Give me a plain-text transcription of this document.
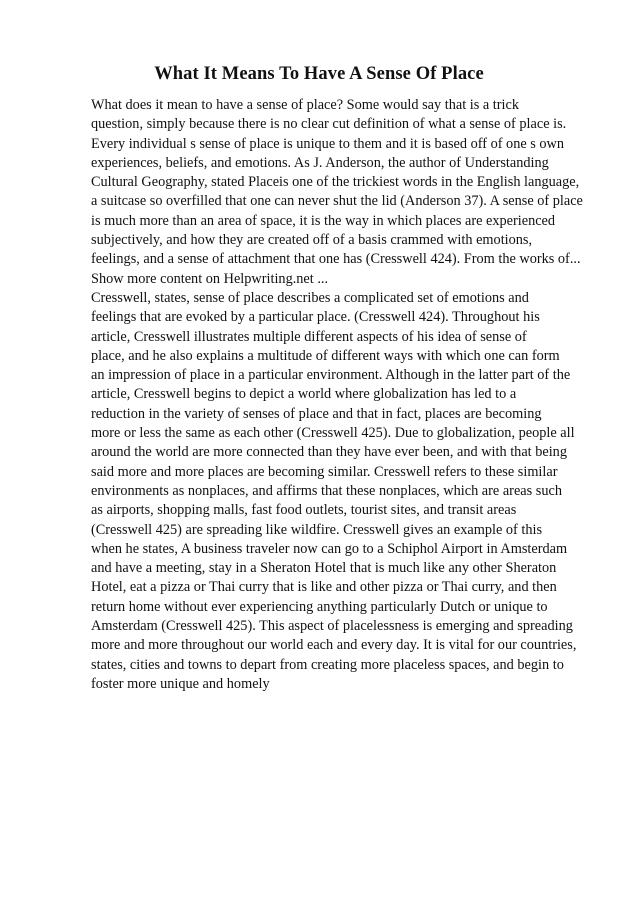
What It Means To Have A Sense Of Place
What does it mean to have a sense of place? Some would say that is a trick
question, simply because there is no clear cut definition of what a sense of place is.
Every individual s sense of place is unique to them and it is based off of one s own
experiences, beliefs, and emotions. As J. Anderson, the author of Understanding
Cultural Geography, stated Placeis one of the trickiest words in the English language,
a suitcase so overfilled that one can never shut the lid (Anderson 37). A sense of place
is much more than an area of space, it is the way in which places are experienced
subjectively, and how they are created off of a basis crammed with emotions,
feelings, and a sense of attachment that one has (Cresswell 424). From the works of...
Show more content on Helpwriting.net ...
Cresswell, states, sense of place describes a complicated set of emotions and
feelings that are evoked by a particular place. (Cresswell 424). Throughout his
article, Cresswell illustrates multiple different aspects of his idea of sense of
place, and he also explains a multitude of different ways with which one can form
an impression of place in a particular environment. Although in the latter part of the
article, Cresswell begins to depict a world where globalization has led to a
reduction in the variety of senses of place and that in fact, places are becoming
more or less the same as each other (Cresswell 425). Due to globalization, people all
around the world are more connected than they have ever been, and with that being
said more and more places are becoming similar. Cresswell refers to these similar
environments as nonplaces, and affirms that these nonplaces, which are areas such
as airports, shopping malls, fast food outlets, tourist sites, and transit areas
(Cresswell 425) are spreading like wildfire. Cresswell gives an example of this
when he states, A business traveler now can go to a Schiphol Airport in Amsterdam
and have a meeting, stay in a Sheraton Hotel that is much like any other Sheraton
Hotel, eat a pizza or Thai curry that is like and other pizza or Thai curry, and then
return home without ever experiencing anything particularly Dutch or unique to
Amsterdam (Cresswell 425). This aspect of placelessness is emerging and spreading
more and more throughout our world each and every day. It is vital for our countries,
states, cities and towns to depart from creating more placeless spaces, and begin to
foster more unique and homely
